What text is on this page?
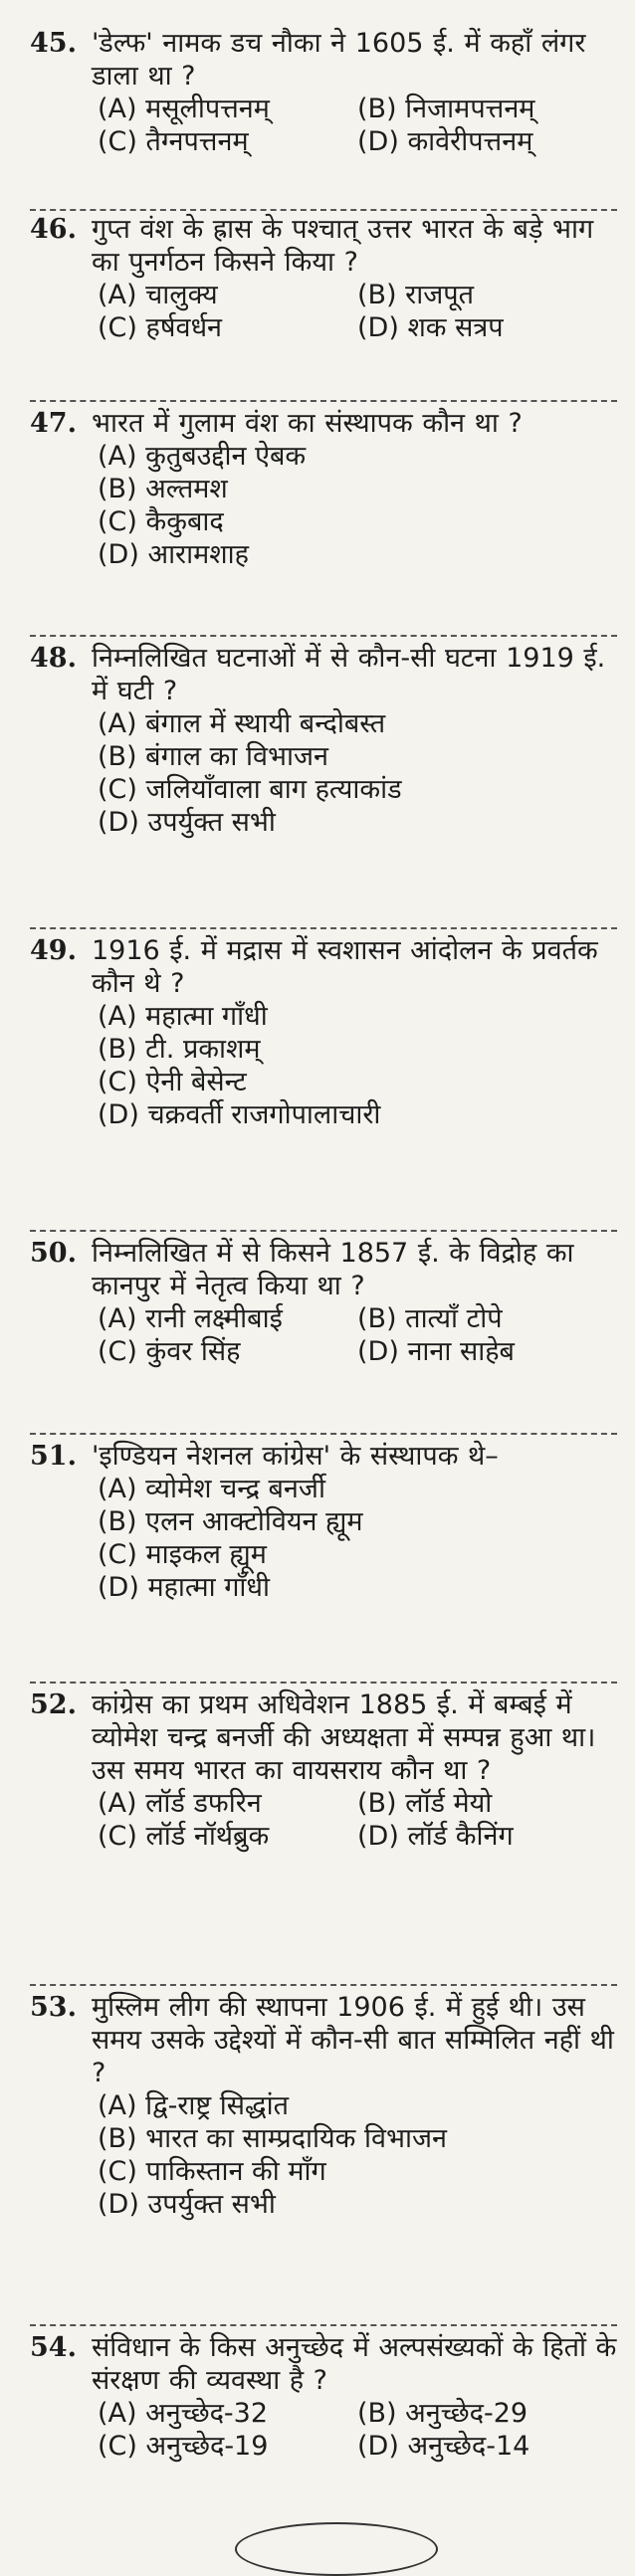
45. 'डेल्फ' नामक डच नौका ने 1605 ई. में कहाँ लंगर डाला था ?
(A) मसूलीपत्तनम्	(B) निजामपत्तनम्
(C) तैग्नपत्तनम्	(D) कावेरीपत्तनम्
46. गुप्त वंश के ह्रास के पश्चात् उत्तर भारत के बड़े भाग का पुनर्गठन किसने किया ?
(A) चालुक्य	(B) राजपूत
(C) हर्षवर्धन	(D) शक सत्रप
47. भारत में गुलाम वंश का संस्थापक कौन था ?
(A) कुतुबउद्दीन ऐबक
(B) अल्तमश
(C) कैकुबाद
(D) आरामशाह
48. निम्नलिखित घटनाओं में से कौन-सी घटना 1919 ई. में घटी ?
(A) बंगाल में स्थायी बन्दोबस्त
(B) बंगाल का विभाजन
(C) जलियाँवाला बाग हत्याकांड
(D) उपर्युक्त सभी
49. 1916 ई. में मद्रास में स्वशासन आंदोलन के प्रवर्तक कौन थे ?
(A) महात्मा गाँधी
(B) टी. प्रकाशम्
(C) ऐनी बेसेन्ट
(D) चक्रवर्ती राजगोपालाचारी
50. निम्नलिखित में से किसने 1857 ई. के विद्रोह का कानपुर में नेतृत्व किया था ?
(A) रानी लक्ष्मीबाई	(B) तात्याँ टोपे
(C) कुंवर सिंह	(D) नाना साहेब
51. 'इण्डियन नेशनल कांग्रेस' के संस्थापक थे–
(A) व्योमेश चन्द्र बनर्जी
(B) एलन आक्टोवियन ह्यूम
(C) माइकल ह्यूम
(D) महात्मा गाँधी
52. कांग्रेस का प्रथम अधिवेशन 1885 ई. में बम्बई में व्योमेश चन्द्र बनर्जी की अध्यक्षता में सम्पन्न हुआ था। उस समय भारत का वायसराय कौन था ?
(A) लॉर्ड डफरिन	(B) लॉर्ड मेयो
(C) लॉर्ड नॉर्थब्रुक	(D) लॉर्ड कैनिंग
53. मुस्लिम लीग की स्थापना 1906 ई. में हुई थी। उस समय उसके उद्देश्यों में कौन-सी बात सम्मिलित नहीं थी ?
(A) द्वि-राष्ट्र सिद्धांत
(B) भारत का साम्प्रदायिक विभाजन
(C) पाकिस्तान की माँग
(D) उपर्युक्त सभी
54. संविधान के किस अनुच्छेद में अल्पसंख्यकों के हितों के संरक्षण की व्यवस्था है ?
(A) अनुच्छेद-32	(B) अनुच्छेद-29
(C) अनुच्छेद-19	(D) अनुच्छेद-14
